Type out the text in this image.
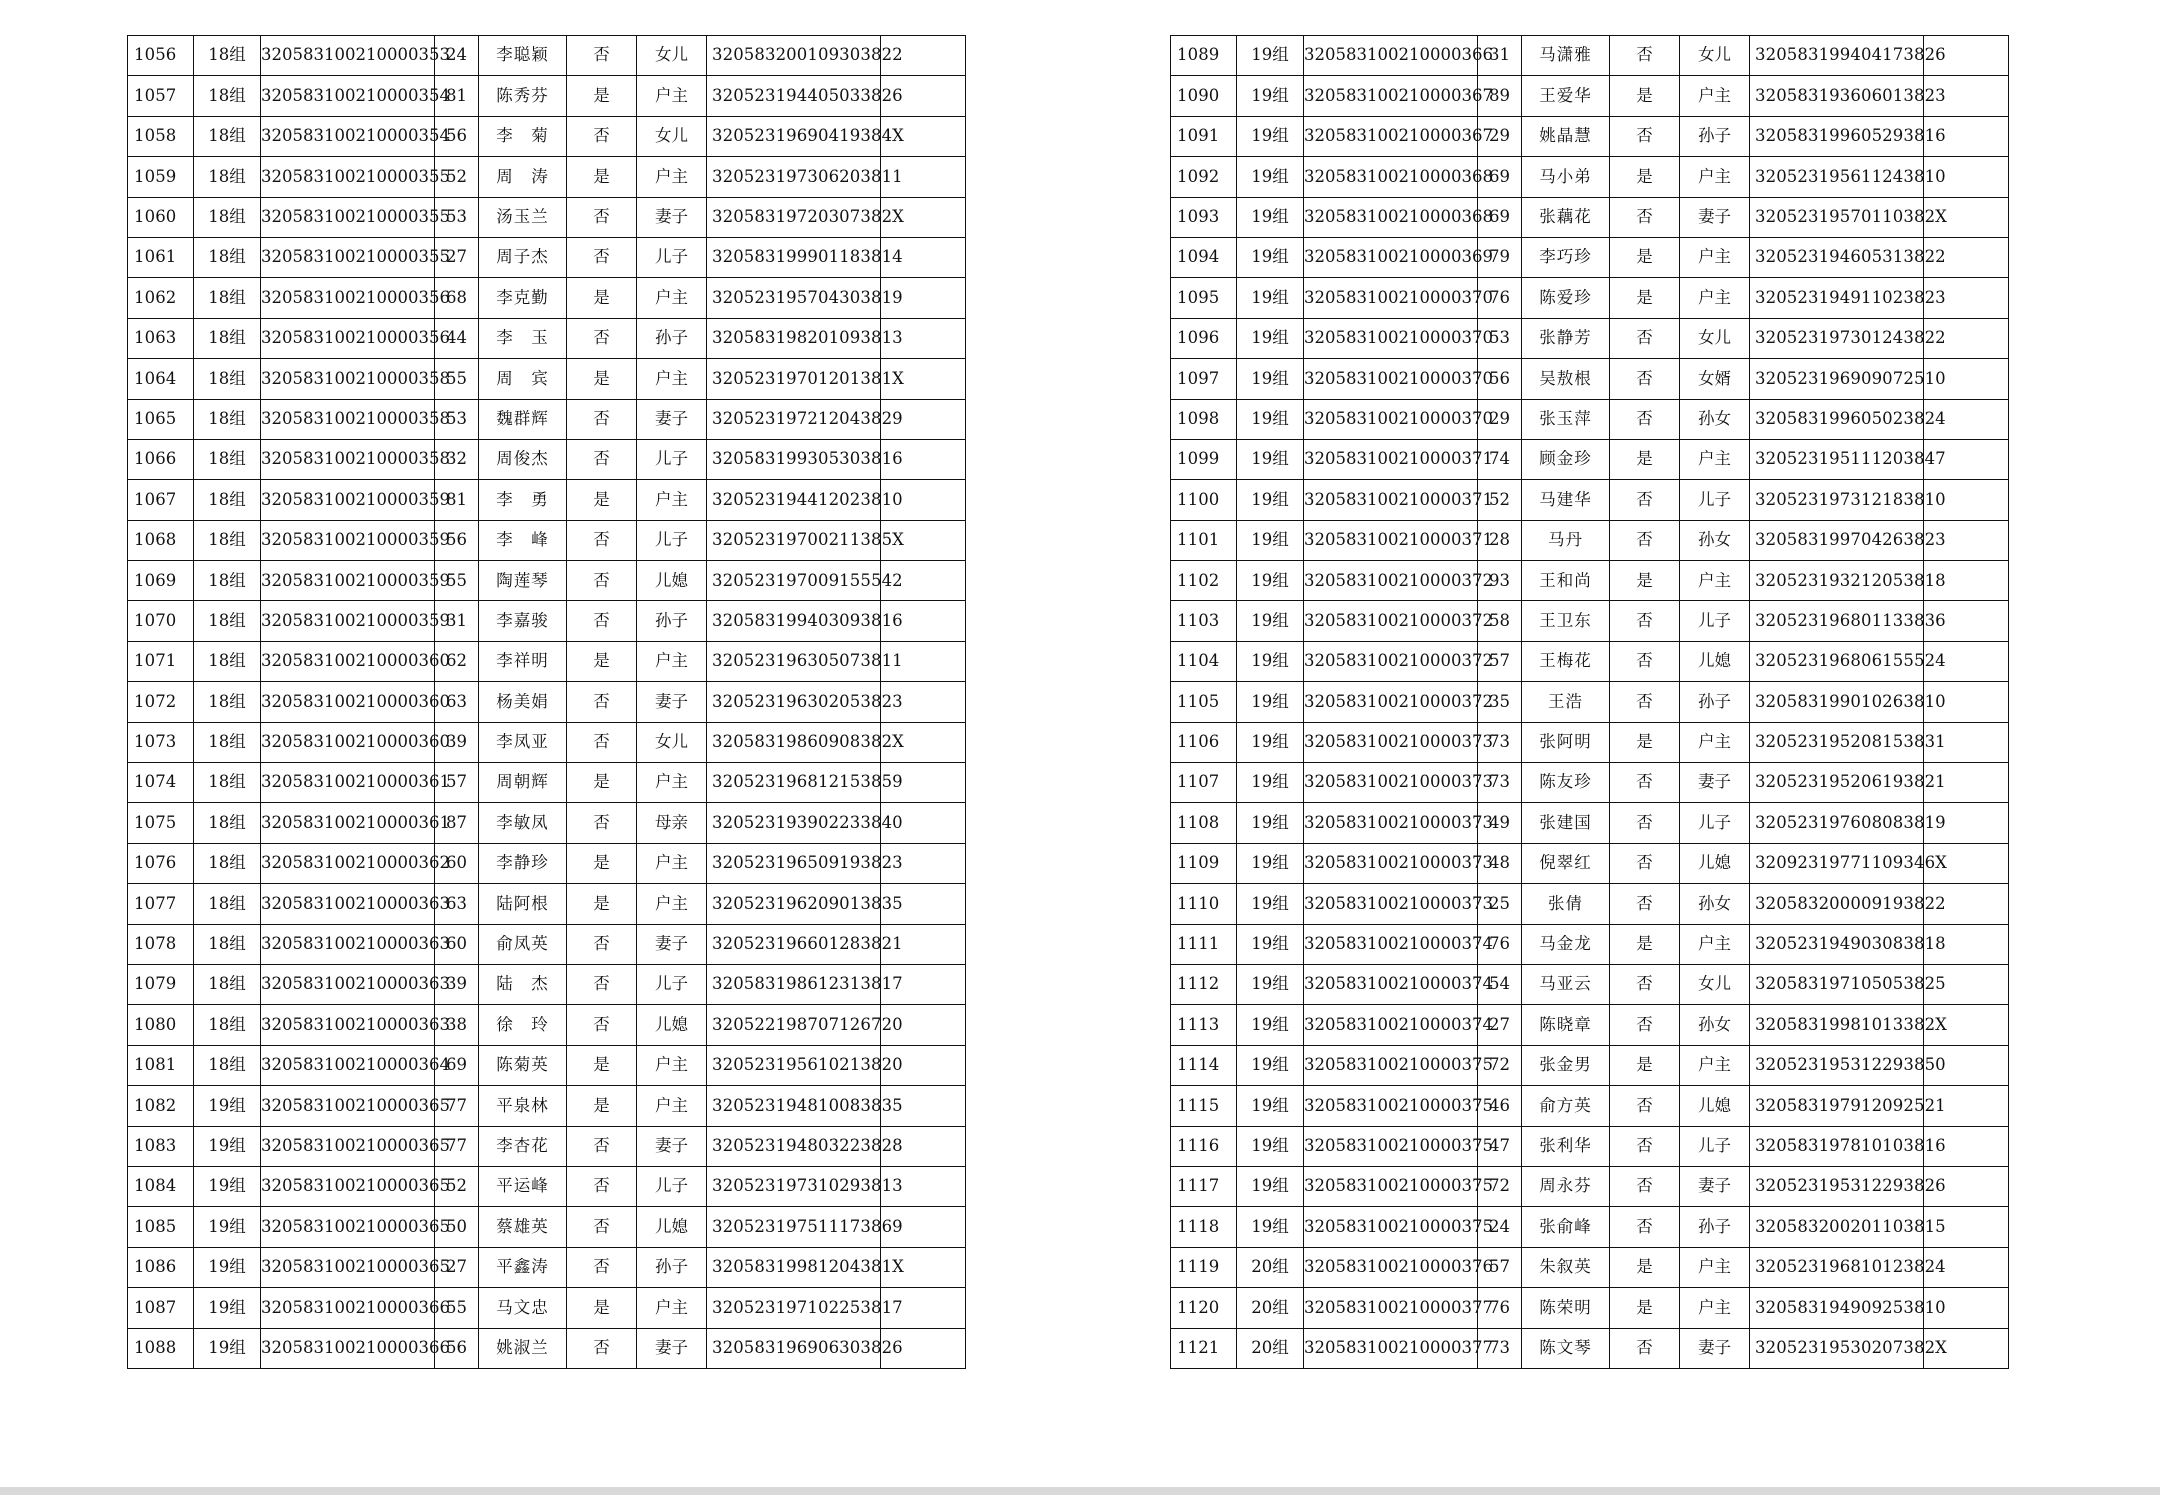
1056	18组	320583100210000353	24	李聪颖	否	女儿	320583200109303822	
1057	18组	320583100210000354	81	陈秀芬	是	户主	320523194405033826	
1058	18组	320583100210000354	56	李　菊	否	女儿	32052319690419384X	
1059	18组	320583100210000355	52	周　涛	是	户主	320523197306203811	
1060	18组	320583100210000355	53	汤玉兰	否	妻子	32058319720307382X	
1061	18组	320583100210000355	27	周子杰	否	儿子	320583199901183814	
1062	18组	320583100210000356	68	李克勤	是	户主	320523195704303819	
1063	18组	320583100210000356	44	李　玉	否	孙子	320583198201093813	
1064	18组	320583100210000358	55	周　宾	是	户主	32052319701201381X	
1065	18组	320583100210000358	53	魏群辉	否	妻子	320523197212043829	
1066	18组	320583100210000358	32	周俊杰	否	儿子	320583199305303816	
1067	18组	320583100210000359	81	李　勇	是	户主	320523194412023810	
1068	18组	320583100210000359	56	李　峰	否	儿子	32052319700211385X	
1069	18组	320583100210000359	55	陶莲琴	否	儿媳	320523197009155542	
1070	18组	320583100210000359	31	李嘉骏	否	孙子	320583199403093816	
1071	18组	320583100210000360	62	李祥明	是	户主	320523196305073811	
1072	18组	320583100210000360	63	杨美娟	否	妻子	320523196302053823	
1073	18组	320583100210000360	39	李凤亚	否	女儿	32058319860908382X	
1074	18组	320583100210000361	57	周朝辉	是	户主	320523196812153859	
1075	18组	320583100210000361	87	李敏凤	否	母亲	320523193902233840	
1076	18组	320583100210000362	60	李静珍	是	户主	320523196509193823	
1077	18组	320583100210000363	63	陆阿根	是	户主	320523196209013835	
1078	18组	320583100210000363	60	俞凤英	否	妻子	320523196601283821	
1079	18组	320583100210000363	39	陆　杰	否	儿子	320583198612313817	
1080	18组	320583100210000363	38	徐　玲	否	儿媳	320522198707126720	
1081	18组	320583100210000364	69	陈菊英	是	户主	320523195610213820	
1082	19组	320583100210000365	77	平泉林	是	户主	320523194810083835	
1083	19组	320583100210000365	77	李杏花	否	妻子	320523194803223828	
1084	19组	320583100210000365	52	平运峰	否	儿子	320523197310293813	
1085	19组	320583100210000365	50	蔡雄英	否	儿媳	320523197511173869	
1086	19组	320583100210000365	27	平鑫涛	否	孙子	32058319981204381X	
1087	19组	320583100210000366	55	马文忠	是	户主	320523197102253817	
1088	19组	320583100210000366	56	姚淑兰	否	妻子	320583196906303826	
1089	19组	320583100210000366	31	马潇雅	否	女儿	320583199404173826	
1090	19组	320583100210000367	89	王爱华	是	户主	320583193606013823	
1091	19组	320583100210000367	29	姚晶慧	否	孙子	320583199605293816	
1092	19组	320583100210000368	69	马小弟	是	户主	320523195611243810	
1093	19组	320583100210000368	69	张藕花	否	妻子	32052319570110382X	
1094	19组	320583100210000369	79	李巧珍	是	户主	320523194605313822	
1095	19组	320583100210000370	76	陈爱珍	是	户主	320523194911023823	
1096	19组	320583100210000370	53	张静芳	否	女儿	320523197301243822	
1097	19组	320583100210000370	56	吴敖根	否	女婿	320523196909072510	
1098	19组	320583100210000370	29	张玉萍	否	孙女	320583199605023824	
1099	19组	320583100210000371	74	顾金珍	是	户主	320523195111203847	
1100	19组	320583100210000371	52	马建华	否	儿子	320523197312183810	
1101	19组	320583100210000371	28	马丹	否	孙女	320583199704263823	
1102	19组	320583100210000372	93	王和尚	是	户主	320523193212053818	
1103	19组	320583100210000372	58	王卫东	否	儿子	320523196801133836	
1104	19组	320583100210000372	57	王梅花	否	儿媳	320523196806155524	
1105	19组	320583100210000372	35	王浩	否	孙子	320583199010263810	
1106	19组	320583100210000373	73	张阿明	是	户主	320523195208153831	
1107	19组	320583100210000373	73	陈友珍	否	妻子	320523195206193821	
1108	19组	320583100210000373	49	张建国	否	儿子	320523197608083819	
1109	19组	320583100210000373	48	倪翠红	否	儿媳	32092319771109346X	
1110	19组	320583100210000373	25	张倩	否	孙女	320583200009193822	
1111	19组	320583100210000374	76	马金龙	是	户主	320523194903083818	
1112	19组	320583100210000374	54	马亚云	否	女儿	320583197105053825	
1113	19组	320583100210000374	27	陈晓章	否	孙女	32058319981013382X	
1114	19组	320583100210000375	72	张金男	是	户主	320523195312293850	
1115	19组	320583100210000375	46	俞方英	否	儿媳	320583197912092521	
1116	19组	320583100210000375	47	张利华	否	儿子	320583197810103816	
1117	19组	320583100210000375	72	周永芬	否	妻子	320523195312293826	
1118	19组	320583100210000375	24	张俞峰	否	孙子	320583200201103815	
1119	20组	320583100210000376	57	朱叙英	是	户主	320523196810123824	
1120	20组	320583100210000377	76	陈荣明	是	户主	320583194909253810	
1121	20组	320583100210000377	73	陈文琴	否	妻子	32052319530207382X	
